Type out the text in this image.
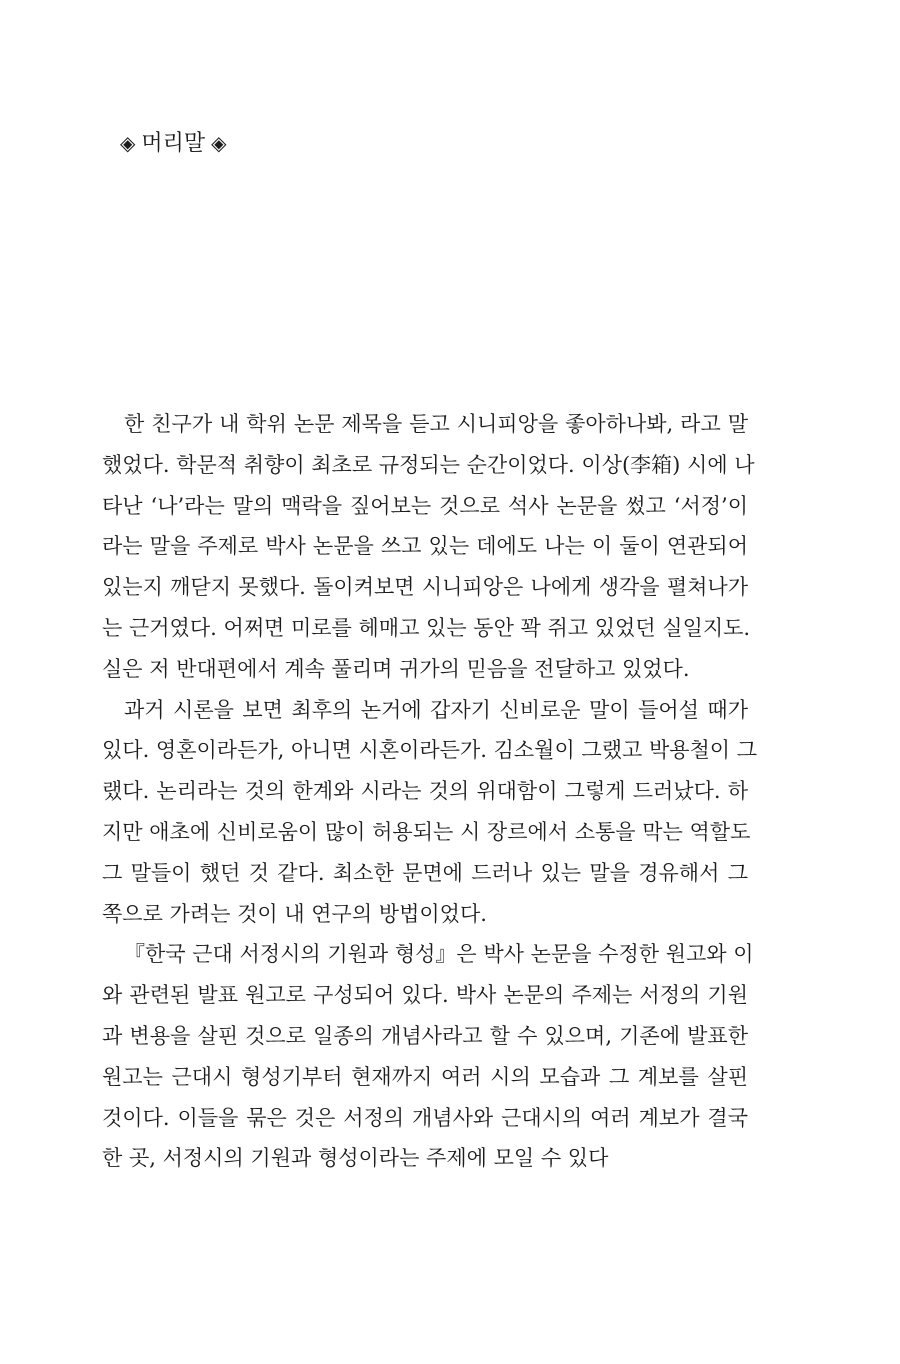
◈ 머리말 ◈
한 친구가 내 학위 논문 제목을 듣고 시니피앙을 좋아하나봐, 라고 말
했었다. 학문적 취향이 최초로 규정되는 순간이었다. 이상(李箱) 시에 나
타난 ‘나’라는 말의 맥락을 짚어보는 것으로 석사 논문을 썼고 ‘서정’이
라는 말을 주제로 박사 논문을 쓰고 있는 데에도 나는 이 둘이 연관되어
있는지 깨닫지 못했다. 돌이켜보면 시니피앙은 나에게 생각을 펼쳐나가
는 근거였다. 어쩌면 미로를 헤매고 있는 동안 꽉 쥐고 있었던 실일지도.
실은 저 반대편에서 계속 풀리며 귀가의 믿음을 전달하고 있었다.
과거 시론을 보면 최후의 논거에 갑자기 신비로운 말이 들어설 때가
있다. 영혼이라든가, 아니면 시혼이라든가. 김소월이 그랬고 박용철이 그
랬다. 논리라는 것의 한계와 시라는 것의 위대함이 그렇게 드러났다. 하
지만 애초에 신비로움이 많이 허용되는 시 장르에서 소통을 막는 역할도
그 말들이 했던 것 같다. 최소한 문면에 드러나 있는 말을 경유해서 그
쪽으로 가려는 것이 내 연구의 방법이었다.
『한국 근대 서정시의 기원과 형성』은 박사 논문을 수정한 원고와 이
와 관련된 발표 원고로 구성되어 있다. 박사 논문의 주제는 서정의 기원
과 변용을 살핀 것으로 일종의 개념사라고 할 수 있으며, 기존에 발표한
원고는 근대시 형성기부터 현재까지 여러 시의 모습과 그 계보를 살핀
것이다. 이들을 묶은 것은 서정의 개념사와 근대시의 여러 계보가 결국
한 곳, 서정시의 기원과 형성이라는 주제에 모일 수 있다
